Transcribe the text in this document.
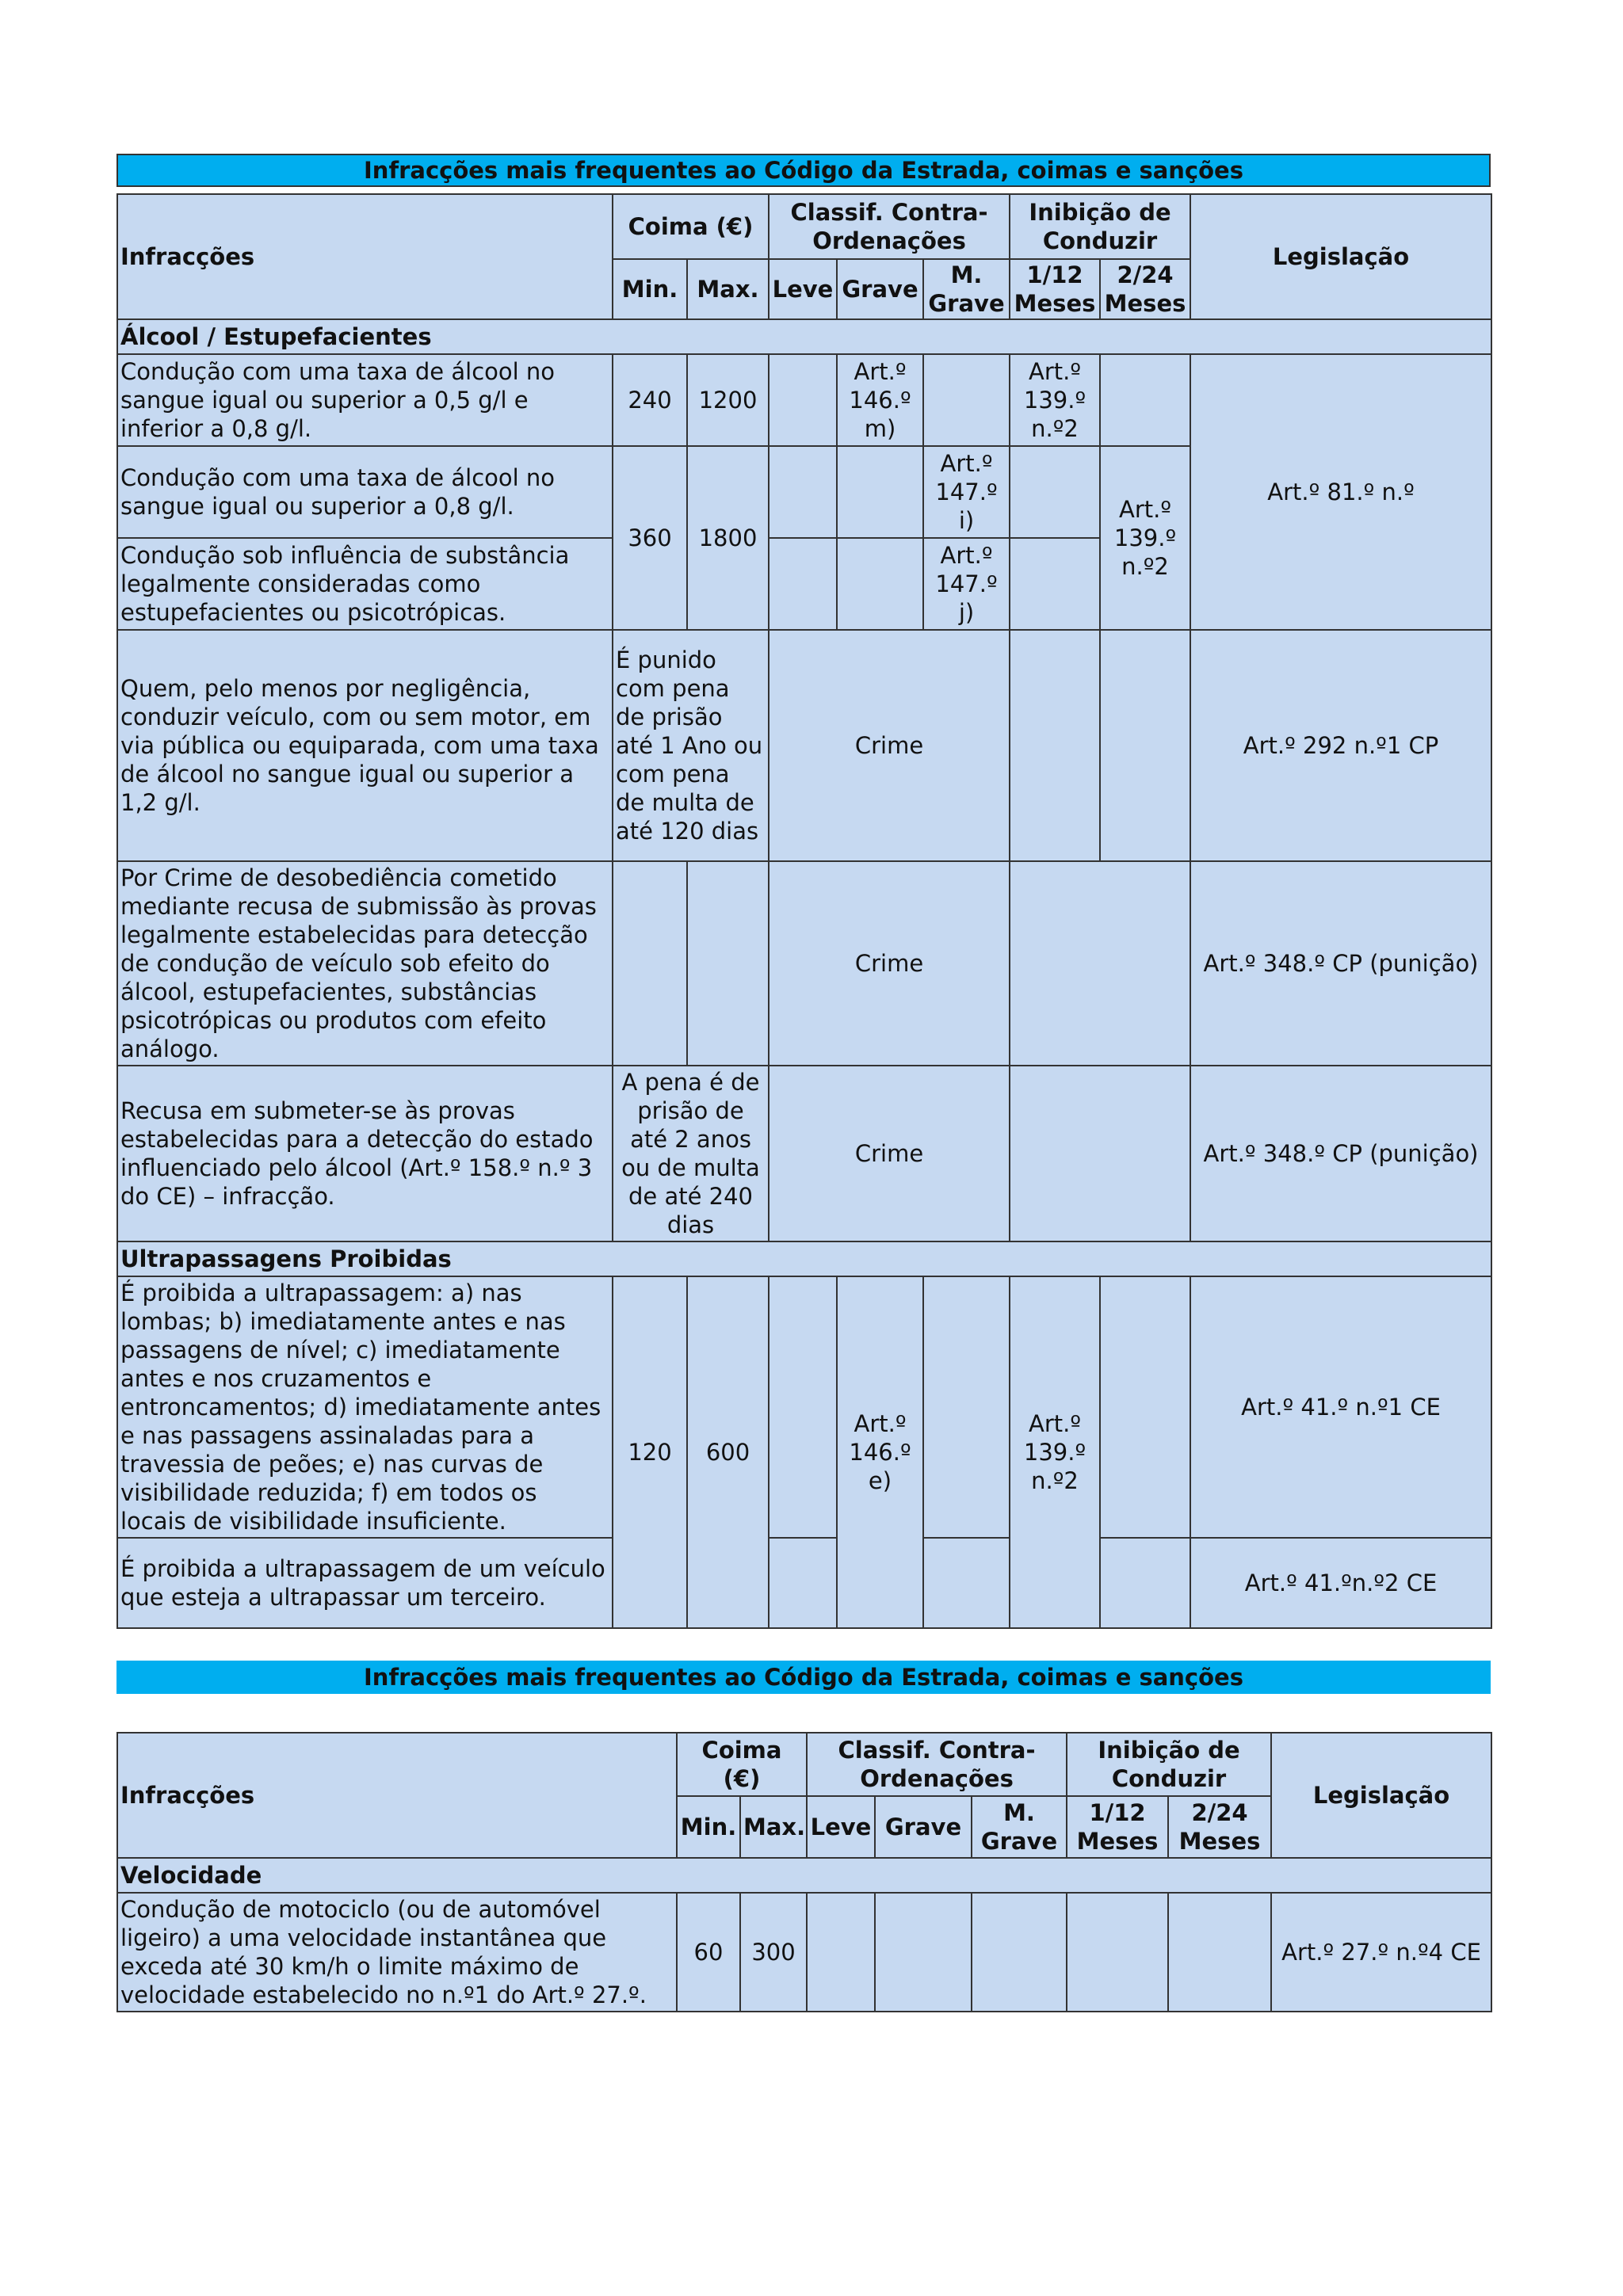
Infracções mais frequentes ao Código da Estrada, coimas e sanções
Infracções	Coima (€)		Classif. Contra-Ordenações			Inibição de Conduzir		Legislação
	Min.	Max.	Leve	Grave	M. Grave	1/12 Meses	2/24 Meses	
Álcool / Estupefacientes								
Condução com uma taxa de álcool no sangue igual ou superior a 0,5 g/l e inferior a 0,8 g/l.	240	1200		Art.º 146.º m)		Art.º 139.º n.º2		Art.º 81.º n.º
Condução com uma taxa de álcool no sangue igual ou superior a 0,8 g/l.	360	1800			Art.º 147.º i)		Art.º 139.º n.º2	
Condução sob influência de substância legalmente consideradas como estupefacientes ou psicotrópicas.					Art.º 147.º j)			
Quem, pelo menos por negligência, conduzir veículo, com ou sem motor, em via pública ou equiparada, com uma taxa de álcool no sangue igual ou superior a 1,2 g/l.	É punido com pena de prisão até 1 Ano ou com pena de multa de até 120 dias		Crime					Art.º 292 n.º1 CP
Por Crime de desobediência cometido mediante recusa de submissão às provas legalmente estabelecidas para detecção de condução de veículo sob efeito do álcool, estupefacientes, substâncias psicotrópicas ou produtos com efeito análogo.			Crime					Art.º 348.º CP (punição)
Recusa em submeter-se às provas estabelecidas para a detecção do estado influenciado pelo álcool (Art.º 158.º n.º 3 do CE) – infracção.	A pena é de prisão de até 2 anos ou de multa de até 240 dias		Crime					Art.º 348.º CP (punição)
Ultrapassagens Proibidas								
É proibida a ultrapassagem: a) nas lombas; b) imediatamente antes e nas passagens de nível; c) imediatamente antes e nos cruzamentos e entroncamentos; d) imediatamente antes e nas passagens assinaladas para a travessia de peões; e) nas curvas de visibilidade reduzida; f) em todos os locais de visibilidade insuficiente.	120	600		Art.º 146.º e)		Art.º 139.º n.º2		Art.º 41.º n.º1 CE
É proibida a ultrapassagem de um veículo que esteja a ultrapassar um terceiro.								Art.º 41.ºn.º2 CE
Infracções mais frequentes ao Código da Estrada, coimas e sanções
Infracções	Coima (€)		Classif. Contra-Ordenações			Inibição de Conduzir		Legislação
	Min.	Max.	Leve	Grave	M. Grave	1/12 Meses	2/24 Meses	
Velocidade								
Condução de motociclo (ou de automóvel ligeiro) a uma velocidade instantânea que exceda até 30 km/h o limite máximo de velocidade estabelecido no n.º1 do Art.º 27.º.	60	300						Art.º 27.º n.º4 CE
